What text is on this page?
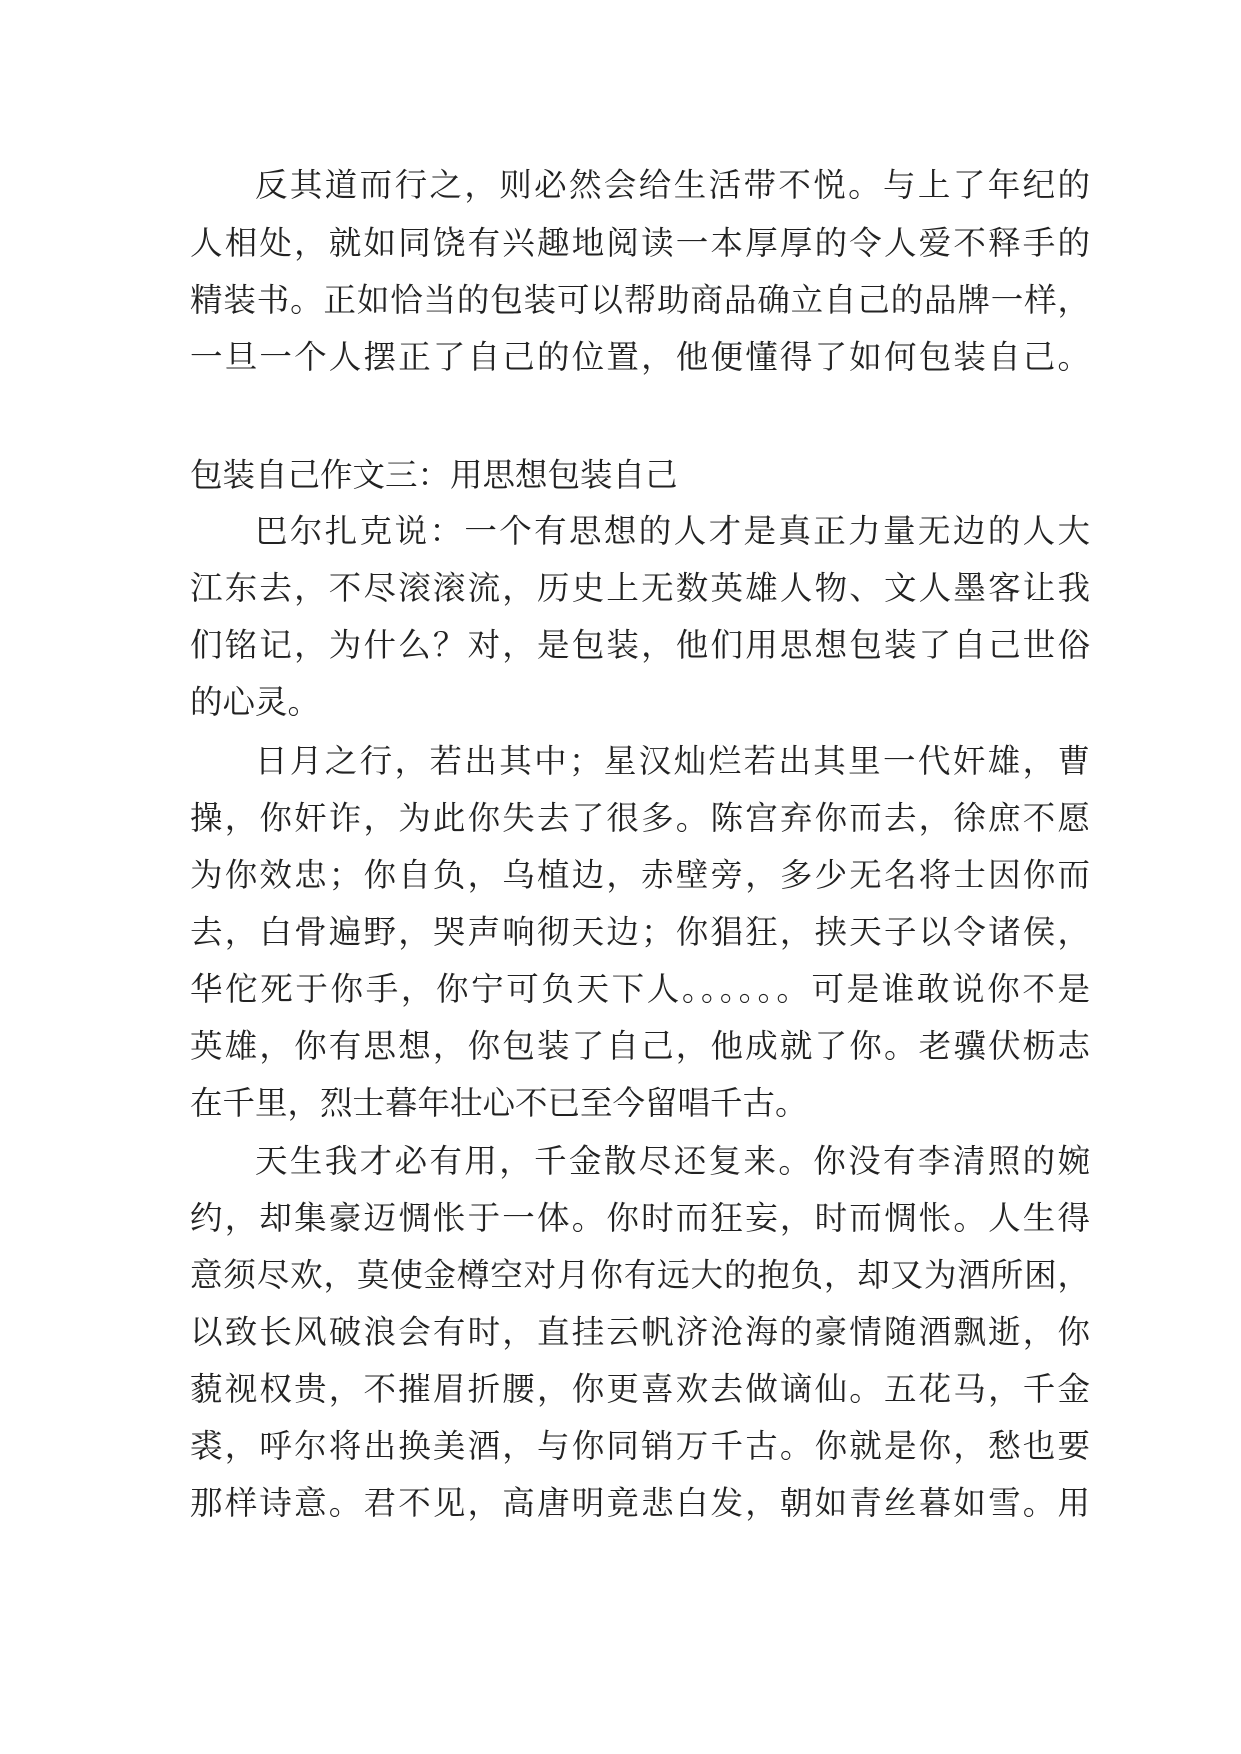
反其道而行之，则必然会给生活带不悦。与上了年纪的

人相处，就如同饶有兴趣地阅读一本厚厚的令人爱不释手的

精装书。正如恰当的包装可以帮助商品确立自己的品牌一样，

一旦一个人摆正了自己的位置，他便懂得了如何包装自己。

包装自己作文三：用思想包装自己

巴尔扎克说：一个有思想的人才是真正力量无边的人大

江东去，不尽滚滚流，历史上无数英雄人物、文人墨客让我

们铭记，为什么？对，是包装，他们用思想包装了自己世俗

的心灵。

日月之行，若出其中；星汉灿烂若出其里一代奸雄，曹

操，你奸诈，为此你失去了很多。陈宫弃你而去，徐庶不愿

为你效忠；你自负，乌植边，赤壁旁，多少无名将士因你而

去，白骨遍野，哭声响彻天边；你猖狂，挟天子以令诸侯，

华佗死于你手，你宁可负天下人。。。。。。可是谁敢说你不是

英雄，你有思想，你包装了自己，他成就了你。老骥伏枥志

在千里，烈士暮年壮心不已至今留唱千古。

天生我才必有用，千金散尽还复来。你没有李清照的婉

约，却集豪迈惆怅于一体。你时而狂妄，时而惆怅。人生得

意须尽欢，莫使金樽空对月你有远大的抱负，却又为酒所困，

以致长风破浪会有时，直挂云帆济沧海的豪情随酒飘逝，你

藐视权贵，不摧眉折腰，你更喜欢去做谪仙。五花马，千金

裘，呼尔将出换美酒，与你同销万千古。你就是你，愁也要

那样诗意。君不见，高唐明竟悲白发，朝如青丝暮如雪。用
